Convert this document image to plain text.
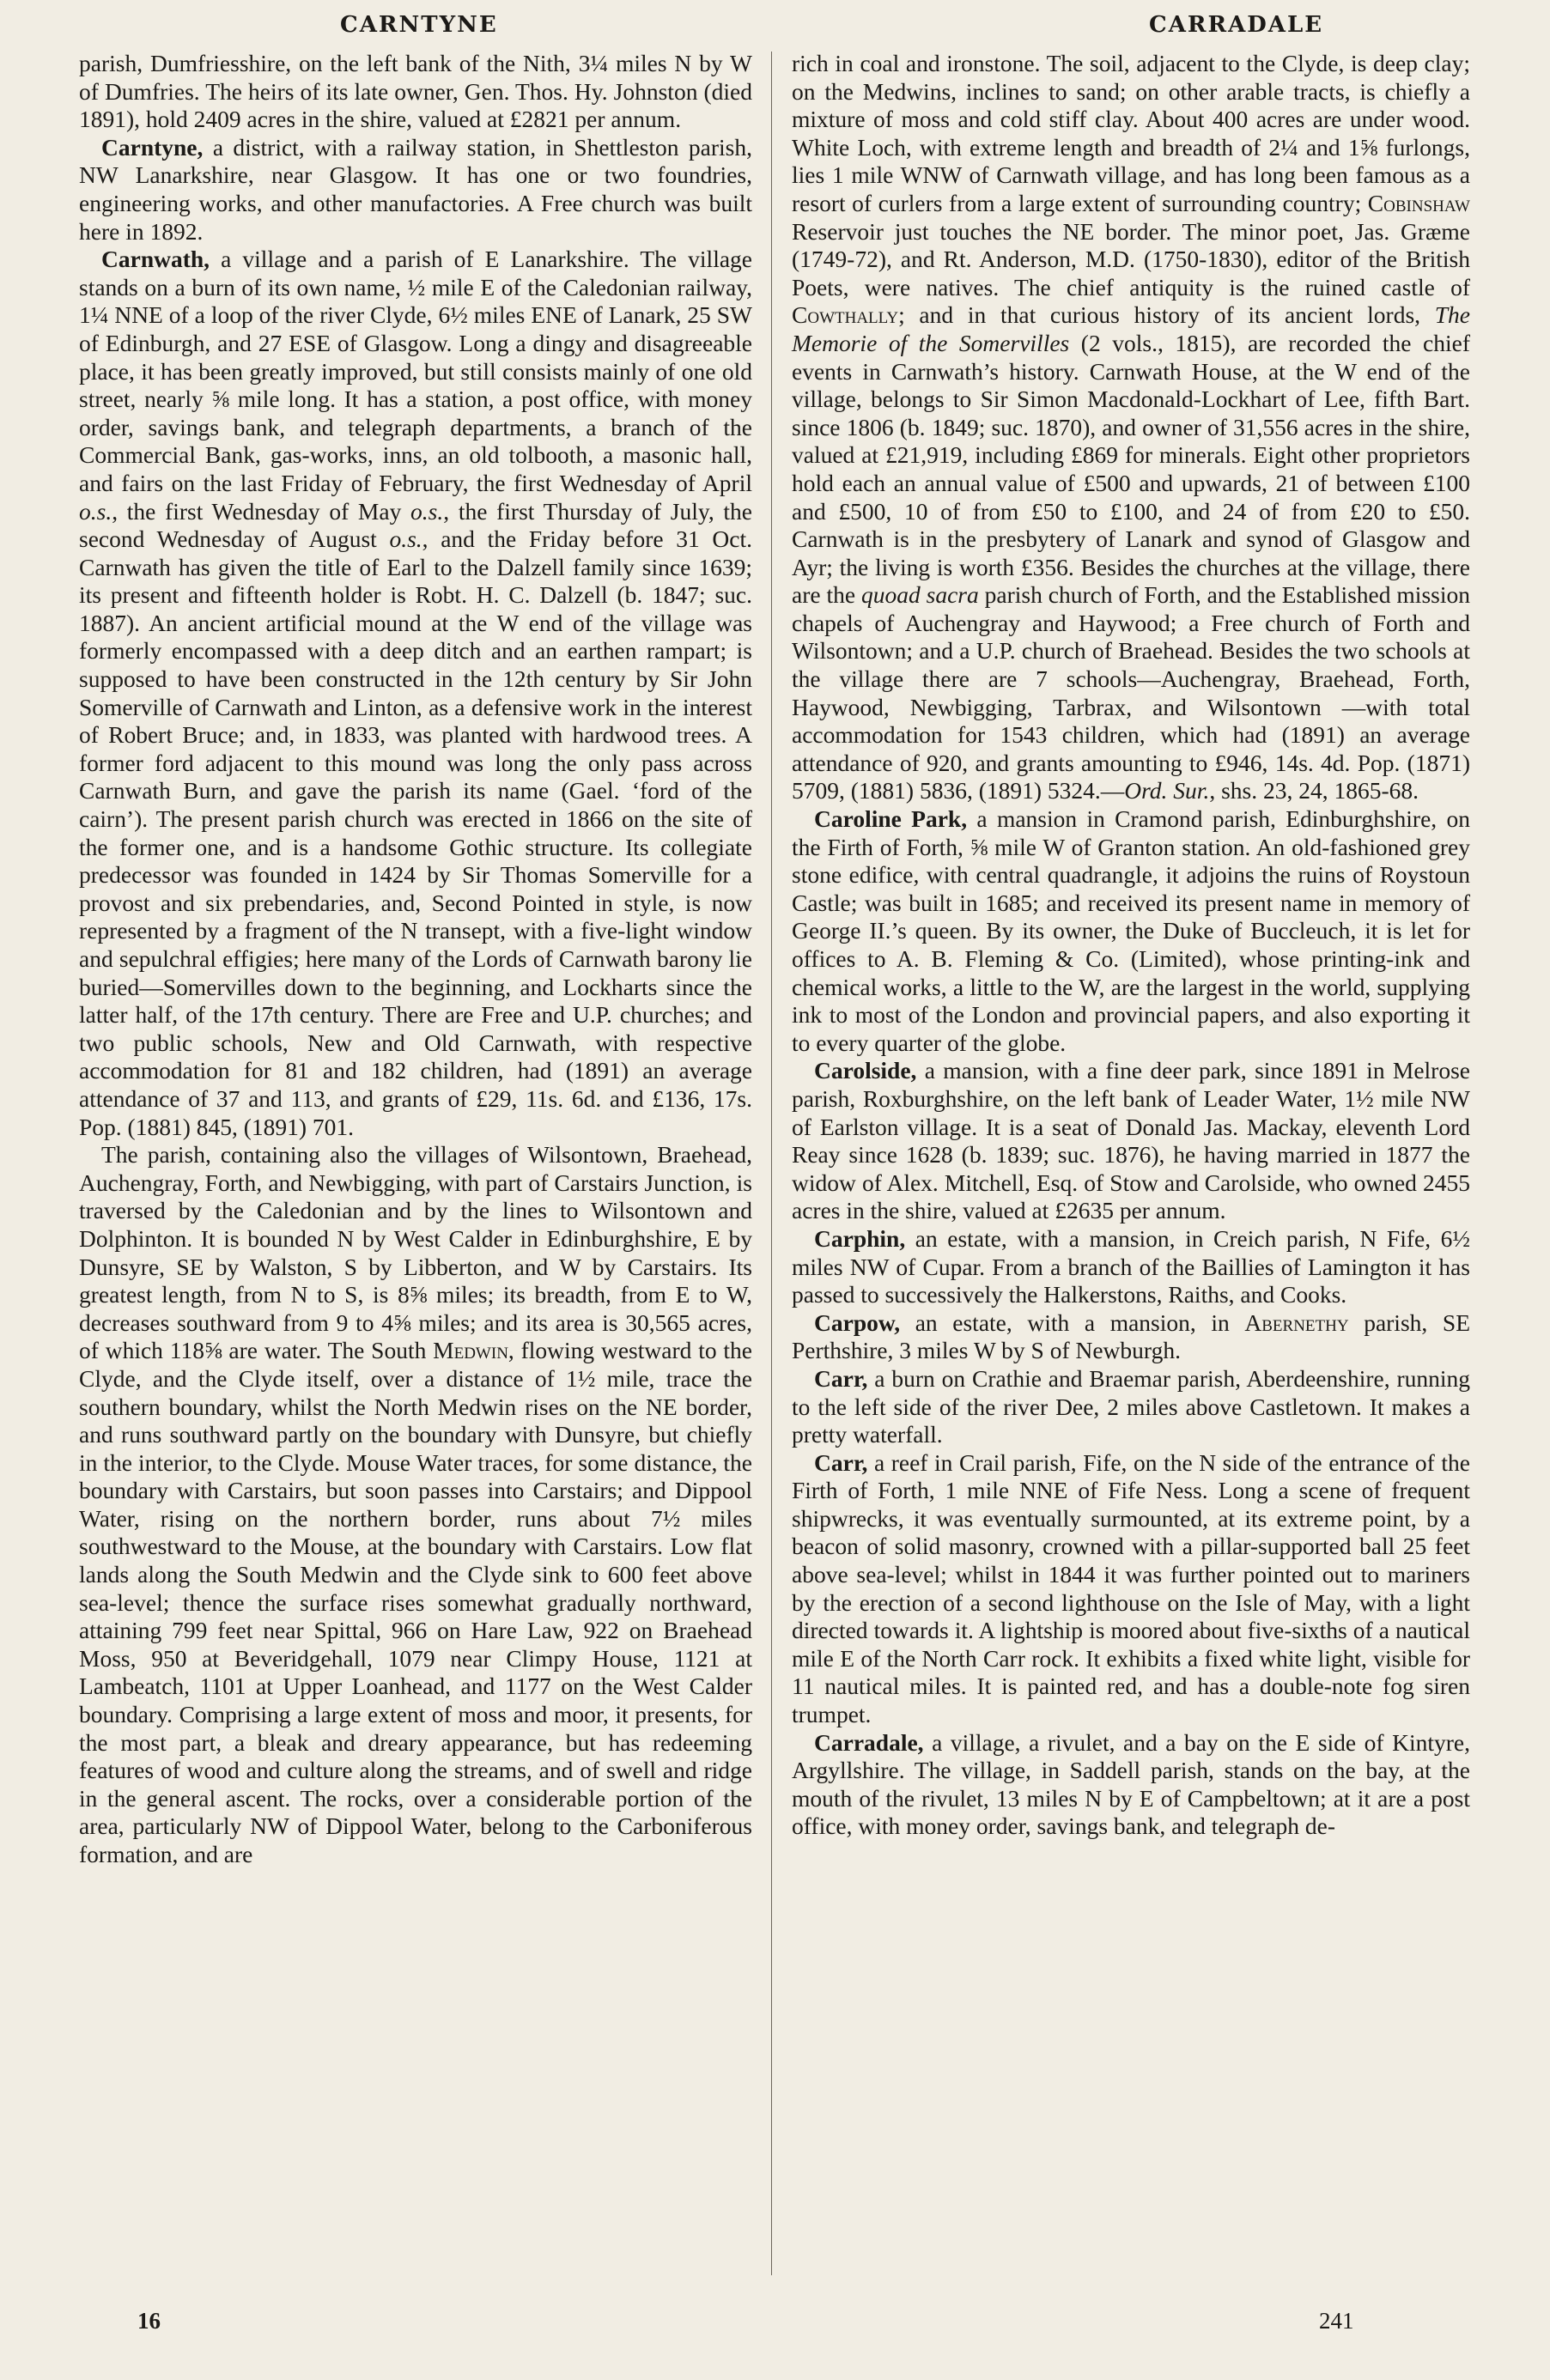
CARNTYNE	CARRADALE

parish, Dumfriesshire, on the left bank of the Nith, 3¼ miles N by W of Dumfries. The heirs of its late owner, Gen. Thos. Hy. Johnston (died 1891), hold 2409 acres in the shire, valued at £2821 per annum.

Carntyne, a district, with a railway station, in Shettleston parish, NW Lanarkshire, near Glasgow. It has one or two foundries, engineering works, and other manufactories. A Free church was built here in 1892.

Carnwath, a village and a parish of E Lanarkshire. The village stands on a burn of its own name, ½ mile E of the Caledonian railway, 1¼ NNE of a loop of the river Clyde, 6½ miles ENE of Lanark, 25 SW of Edinburgh, and 27 ESE of Glasgow. Long a dingy and disagreeable place, it has been greatly improved, but still consists mainly of one old street, nearly ⅝ mile long. It has a station, a post office, with money order, savings bank, and telegraph departments, a branch of the Commercial Bank, gas-works, inns, an old tolbooth, a masonic hall, and fairs on the last Friday of February, the first Wednesday of April o.s., the first Wednesday of May o.s., the first Thursday of July, the second Wednesday of August o.s., and the Friday before 31 Oct. Carnwath has given the title of Earl to the Dalzell family since 1639; its present and fifteenth holder is Robt. H. C. Dalzell (b. 1847; suc. 1887). An ancient artificial mound at the W end of the village was formerly encompassed with a deep ditch and an earthen rampart; is supposed to have been constructed in the 12th century by Sir John Somerville of Carnwath and Linton, as a defensive work in the interest of Robert Bruce; and, in 1833, was planted with hardwood trees. A former ford adjacent to this mound was long the only pass across Carnwath Burn, and gave the parish its name (Gael. ‘ford of the cairn’). The present parish church was erected in 1866 on the site of the former one, and is a handsome Gothic structure. Its collegiate predecessor was founded in 1424 by Sir Thomas Somerville for a provost and six prebendaries, and, Second Pointed in style, is now represented by a fragment of the N transept, with a five-light window and sepulchral effigies; here many of the Lords of Carnwath barony lie buried—Somervilles down to the beginning, and Lockharts since the latter half, of the 17th century. There are Free and U.P. churches; and two public schools, New and Old Carnwath, with respective accommodation for 81 and 182 children, had (1891) an average attendance of 37 and 113, and grants of £29, 11s. 6d. and £136, 17s. Pop. (1881) 845, (1891) 701.

The parish, containing also the villages of Wilsontown, Braehead, Auchengray, Forth, and Newbigging, with part of Carstairs Junction, is traversed by the Caledonian and by the lines to Wilsontown and Dolphinton. It is bounded N by West Calder in Edinburghshire, E by Dunsyre, SE by Walston, S by Libberton, and W by Carstairs. Its greatest length, from N to S, is 8⅝ miles; its breadth, from E to W, decreases southward from 9 to 4⅝ miles; and its area is 30,565 acres, of which 118⅝ are water. The South Medwin, flowing westward to the Clyde, and the Clyde itself, over a distance of 1½ mile, trace the southern boundary, whilst the North Medwin rises on the NE border, and runs southward partly on the boundary with Dunsyre, but chiefly in the interior, to the Clyde. Mouse Water traces, for some distance, the boundary with Carstairs, but soon passes into Carstairs; and Dippool Water, rising on the northern border, runs about 7½ miles southwestward to the Mouse, at the boundary with Carstairs. Low flat lands along the South Medwin and the Clyde sink to 600 feet above sea-level; thence the surface rises somewhat gradually northward, attaining 799 feet near Spittal, 966 on Hare Law, 922 on Braehead Moss, 950 at Beveridgehall, 1079 near Climpy House, 1121 at Lambeatch, 1101 at Upper Loanhead, and 1177 on the West Calder boundary. Comprising a large extent of moss and moor, it presents, for the most part, a bleak and dreary appearance, but has redeeming features of wood and culture along the streams, and of swell and ridge in the general ascent. The rocks, over a considerable portion of the area, particularly NW of Dippool Water, belong to the Carboniferous formation, and are

rich in coal and ironstone. The soil, adjacent to the Clyde, is deep clay; on the Medwins, inclines to sand; on other arable tracts, is chiefly a mixture of moss and cold stiff clay. About 400 acres are under wood. White Loch, with extreme length and breadth of 2¼ and 1⅝ furlongs, lies 1 mile WNW of Carnwath village, and has long been famous as a resort of curlers from a large extent of surrounding country; Cobinshaw Reservoir just touches the NE border. The minor poet, Jas. Græme (1749-72), and Rt. Anderson, M.D. (1750-1830), editor of the British Poets, were natives. The chief antiquity is the ruined castle of Cowthally; and in that curious history of its ancient lords, The Memorie of the Somervilles (2 vols., 1815), are recorded the chief events in Carnwath’s history. Carnwath House, at the W end of the village, belongs to Sir Simon Macdonald-Lockhart of Lee, fifth Bart. since 1806 (b. 1849; suc. 1870), and owner of 31,556 acres in the shire, valued at £21,919, including £869 for minerals. Eight other proprietors hold each an annual value of £500 and upwards, 21 of between £100 and £500, 10 of from £50 to £100, and 24 of from £20 to £50. Carnwath is in the presbytery of Lanark and synod of Glasgow and Ayr; the living is worth £356. Besides the churches at the village, there are the quoad sacra parish church of Forth, and the Established mission chapels of Auchengray and Haywood; a Free church of Forth and Wilsontown; and a U.P. church of Braehead. Besides the two schools at the village there are 7 schools—Auchengray, Braehead, Forth, Haywood, Newbigging, Tarbrax, and Wilsontown —with total accommodation for 1543 children, which had (1891) an average attendance of 920, and grants amounting to £946, 14s. 4d. Pop. (1871) 5709, (1881) 5836, (1891) 5324.—Ord. Sur., shs. 23, 24, 1865-68.

Caroline Park, a mansion in Cramond parish, Edinburghshire, on the Firth of Forth, ⅝ mile W of Granton station. An old-fashioned grey stone edifice, with central quadrangle, it adjoins the ruins of Roystoun Castle; was built in 1685; and received its present name in memory of George II.’s queen. By its owner, the Duke of Buccleuch, it is let for offices to A. B. Fleming & Co. (Limited), whose printing-ink and chemical works, a little to the W, are the largest in the world, supplying ink to most of the London and provincial papers, and also exporting it to every quarter of the globe.

Carolside, a mansion, with a fine deer park, since 1891 in Melrose parish, Roxburghshire, on the left bank of Leader Water, 1½ mile NW of Earlston village. It is a seat of Donald Jas. Mackay, eleventh Lord Reay since 1628 (b. 1839; suc. 1876), he having married in 1877 the widow of Alex. Mitchell, Esq. of Stow and Carolside, who owned 2455 acres in the shire, valued at £2635 per annum.

Carphin, an estate, with a mansion, in Creich parish, N Fife, 6½ miles NW of Cupar. From a branch of the Baillies of Lamington it has passed to successively the Halkerstons, Raiths, and Cooks.

Carpow, an estate, with a mansion, in Abernethy parish, SE Perthshire, 3 miles W by S of Newburgh.

Carr, a burn on Crathie and Braemar parish, Aberdeenshire, running to the left side of the river Dee, 2 miles above Castletown. It makes a pretty waterfall.

Carr, a reef in Crail parish, Fife, on the N side of the entrance of the Firth of Forth, 1 mile NNE of Fife Ness. Long a scene of frequent shipwrecks, it was eventually surmounted, at its extreme point, by a beacon of solid masonry, crowned with a pillar-supported ball 25 feet above sea-level; whilst in 1844 it was further pointed out to mariners by the erection of a second lighthouse on the Isle of May, with a light directed towards it. A lightship is moored about five-sixths of a nautical mile E of the North Carr rock. It exhibits a fixed white light, visible for 11 nautical miles. It is painted red, and has a double-note fog siren trumpet.

Carradale, a village, a rivulet, and a bay on the E side of Kintyre, Argyllshire. The village, in Saddell parish, stands on the bay, at the mouth of the rivulet, 13 miles N by E of Campbeltown; at it are a post office, with money order, savings bank, and telegraph de-

16	241
